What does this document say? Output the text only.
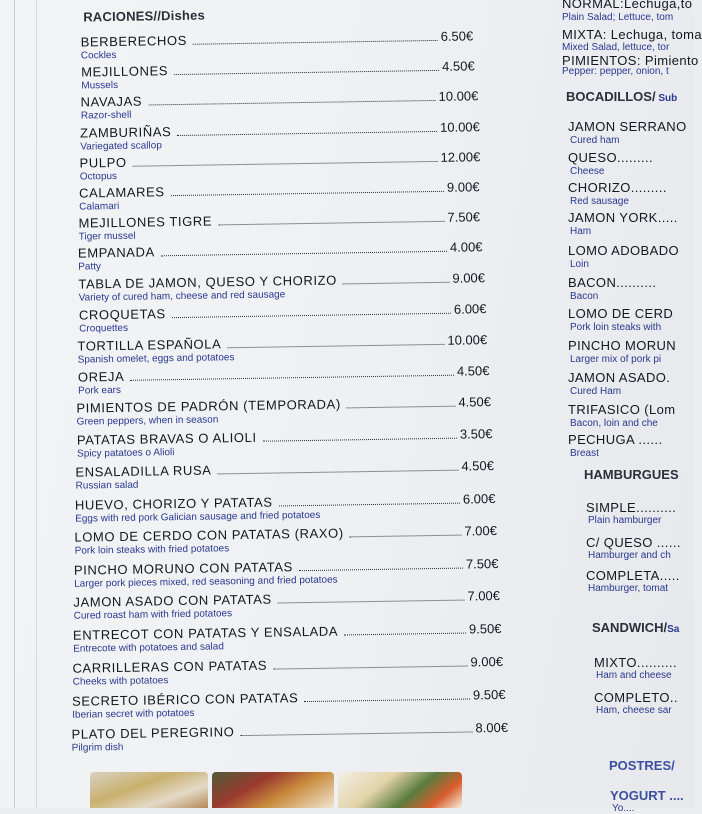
RACIONES//Dishes
BERBERECHOS	6.50€
Cockles
MEJILLONES	4.50€
Mussels
NAVAJAS	10.00€
Razor-shell
ZAMBURIÑAS	10.00€
Variegated scallop
PULPO	12.00€
Octopus
CALAMARES	9.00€
Calamari
MEJILLONES TIGRE	7.50€
Tiger mussel
EMPANADA	4.00€
Patty
TABLA DE JAMON, QUESO Y CHORIZO	9.00€
Variety of cured ham, cheese and red sausage
CROQUETAS	6.00€
Croquettes
TORTILLA ESPAÑOLA	10.00€
Spanish omelet, eggs and potatoes
OREJA	4.50€
Pork ears
PIMIENTOS DE PADRÓN (TEMPORADA)	4.50€
Green peppers, when in season
PATATAS BRAVAS O ALIOLI	3.50€
Spicy patatoes o Alioli
ENSALADILLA RUSA	4.50€
Russian salad
HUEVO, CHORIZO Y PATATAS	6.00€
Eggs with red pork Galician sausage and fried potatoes
LOMO DE CERDO CON PATATAS (RAXO)	7.00€
Pork loin steaks with fried potatoes
PINCHO MORUNO CON PATATAS	7.50€
Larger pork pieces mixed, red seasoning and fried potatoes
JAMON ASADO CON PATATAS	7.00€
Cured roast ham with fried potatoes
ENTRECOT CON PATATAS Y ENSALADA	9.50€
Entrecote with potatoes and salad
CARRILLERAS CON PATATAS	9.00€
Cheeks with potatoes
SECRETO IBÉRICO CON PATATAS	9.50€
Iberian secret with potatoes
PLATO DEL PEREGRINO	8.00€
Pilgrim dish
NORMAL:Lechuga,to
Plain Salad; Lettuce, tom
MIXTA: Lechuga, toma
Mixed Salad, lettuce, tor
PIMIENTOS: Pimiento
Pepper: pepper, onion, t
BOCADILLOS/ Sub
JAMON SERRANO
Cured ham
QUESO.........
Cheese
CHORIZO.........
Red sausage
JAMON YORK.....
Ham
LOMO ADOBADO
Loin
BACON..........
Bacon
LOMO DE CERD
Pork loin steaks with
PINCHO MORUN
Larger mix of pork pi
JAMON ASADO.
Cured Ham
TRIFASICO (Lom
Bacon, loin and che
PECHUGA ......
Breast
HAMBURGUES
SIMPLE..........
Plain hamburger
C/ QUESO ......
Hamburger and ch
COMPLETA.....
Hamburger, tomat
SANDWICH/Sa
MIXTO..........
Ham and cheese
COMPLETO..
Ham, cheese sar
POSTRES/
YOGURT ....
Yo....
